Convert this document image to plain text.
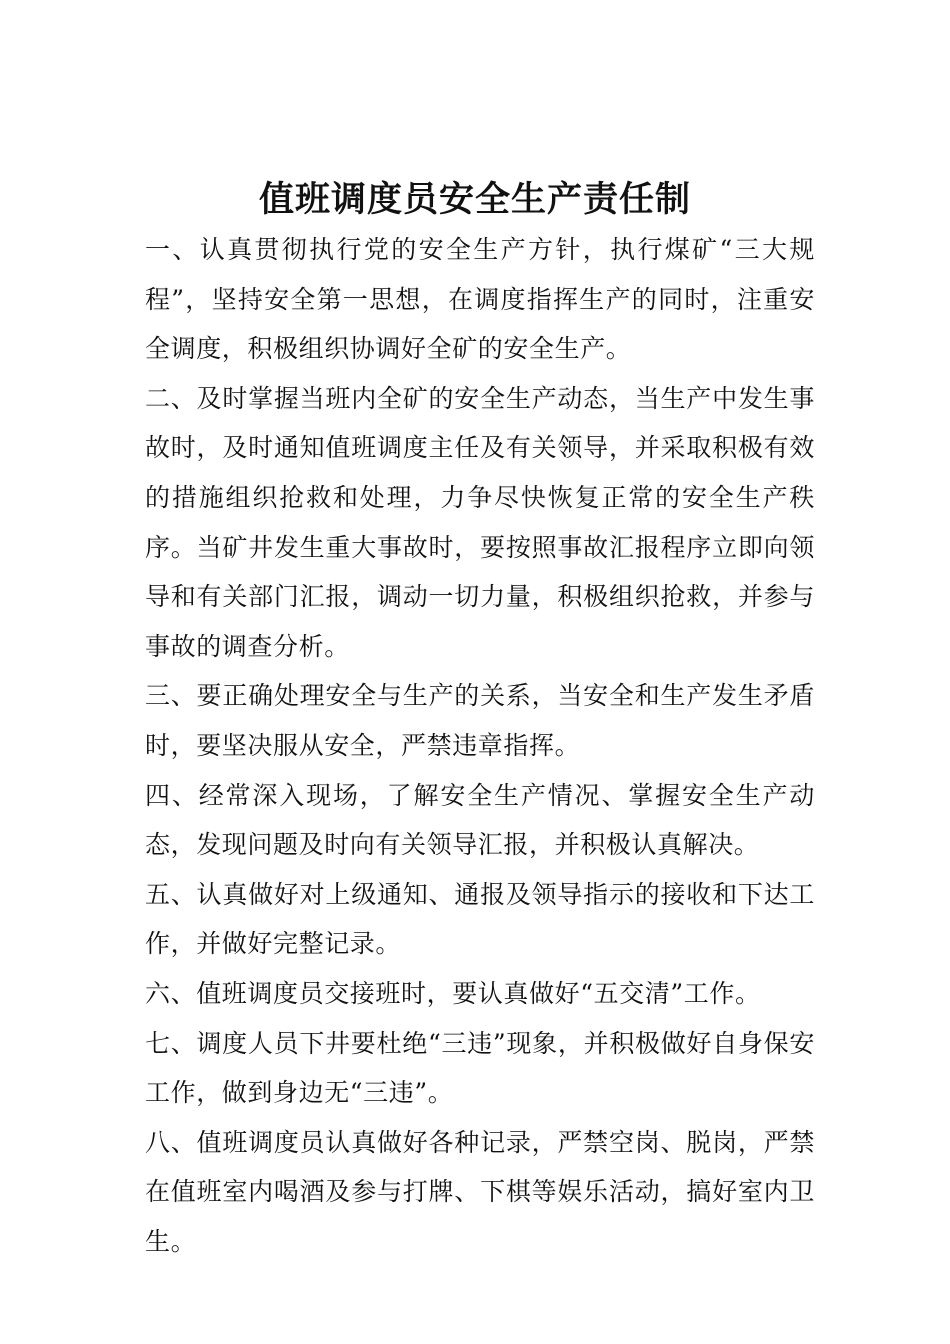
值班调度员安全生产责任制

一、认真贯彻执行党的安全生产方针，执行煤矿“三大规程”，坚持安全第一思想，在调度指挥生产的同时，注重安全调度，积极组织协调好全矿的安全生产。

二、及时掌握当班内全矿的安全生产动态，当生产中发生事故时，及时通知值班调度主任及有关领导，并采取积极有效的措施组织抢救和处理，力争尽快恢复正常的安全生产秩序。当矿井发生重大事故时，要按照事故汇报程序立即向领导和有关部门汇报，调动一切力量，积极组织抢救，并参与事故的调查分析。

三、要正确处理安全与生产的关系，当安全和生产发生矛盾时，要坚决服从安全，严禁违章指挥。

四、经常深入现场，了解安全生产情况、掌握安全生产动态，发现问题及时向有关领导汇报，并积极认真解决。

五、认真做好对上级通知、通报及领导指示的接收和下达工作，并做好完整记录。

六、值班调度员交接班时，要认真做好“五交清”工作。

七、调度人员下井要杜绝“三违”现象，并积极做好自身保安工作，做到身边无“三违”。

八、值班调度员认真做好各种记录，严禁空岗、脱岗，严禁在值班室内喝酒及参与打牌、下棋等娱乐活动，搞好室内卫生。
